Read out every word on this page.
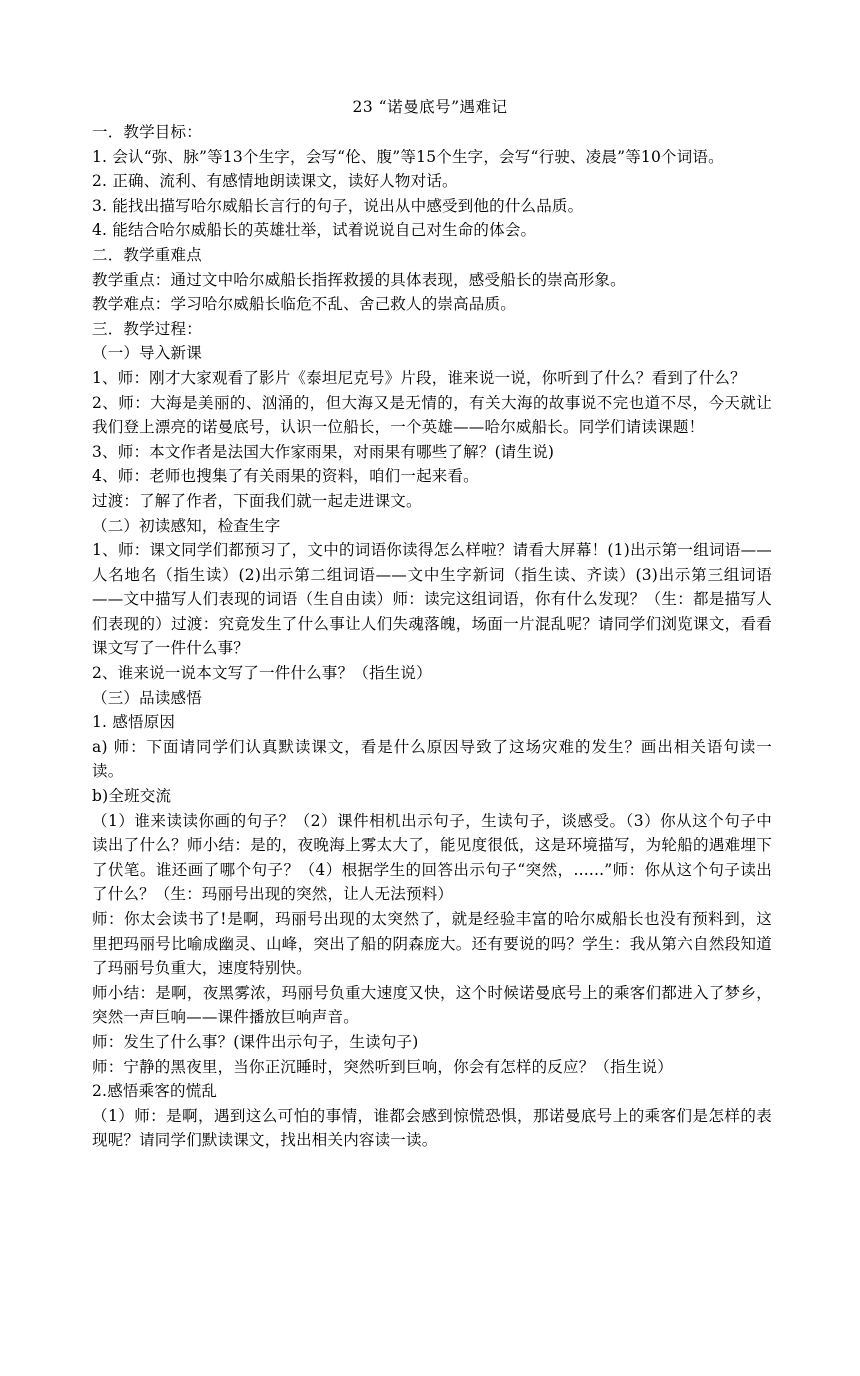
23 “诺曼底号”遇难记

一．教学目标：

1. 会认“弥、脉”等13个生字，会写“伦、腹”等15个生字，会写“行驶、凌晨”等10个词语。

2. 正确、流利、有感情地朗读课文，读好人物对话。

3. 能找出描写哈尔威船长言行的句子，说出从中感受到他的什么品质。

4. 能结合哈尔威船长的英雄壮举，试着说说自己对生命的体会。

二．教学重难点

教学重点：通过文中哈尔威船长指挥救援的具体表现，感受船长的崇高形象。

教学难点：学习哈尔威船长临危不乱、舍己救人的崇高品质。

三．教学过程：

（一）导入新课

1、师：刚才大家观看了影片《泰坦尼克号》片段，谁来说一说，你听到了什么？看到了什么？

2、师：大海是美丽的、汹涌的，但大海又是无情的，有关大海的故事说不完也道不尽，今天就让我们登上漂亮的诺曼底号，认识一位船长，一个英雄——哈尔威船长。同学们请读课题！

3、师：本文作者是法国大作家雨果，对雨果有哪些了解？(请生说)

4、师：老师也搜集了有关雨果的资料，咱们一起来看。

过渡：了解了作者，下面我们就一起走进课文。

（二）初读感知，检查生字

1、师：课文同学们都预习了，文中的词语你读得怎么样啦？请看大屏幕！(1)出示第一组词语——人名地名（指生读）(2)出示第二组词语——文中生字新词（指生读、齐读）(3)出示第三组词语——文中描写人们表现的词语（生自由读）师：读完这组词语，你有什么发现？（生：都是描写人们表现的）过渡：究竟发生了什么事让人们失魂落魄，场面一片混乱呢？请同学们浏览课文，看看课文写了一件什么事？

2、谁来说一说本文写了一件什么事？（指生说）

（三）品读感悟

1. 感悟原因

a) 师：下面请同学们认真默读课文，看是什么原因导致了这场灾难的发生？画出相关语句读一读。

b)全班交流

（1）谁来读读你画的句子？（2）课件相机出示句子，生读句子，谈感受。（3）你从这个句子中读出了什么？师小结：是的，夜晚海上雾太大了，能见度很低，这是环境描写，为轮船的遇难埋下了伏笔。谁还画了哪个句子？（4）根据学生的回答出示句子“突然，......”师：你从这个句子读出了什么？（生：玛丽号出现的突然，让人无法预料）

师：你太会读书了!是啊，玛丽号出现的太突然了，就是经验丰富的哈尔威船长也没有预料到，这里把玛丽号比喻成幽灵、山峰，突出了船的阴森庞大。还有要说的吗？学生：我从第六自然段知道了玛丽号负重大，速度特别快。

师小结：是啊，夜黑雾浓，玛丽号负重大速度又快，这个时候诺曼底号上的乘客们都进入了梦乡，突然一声巨响——课件播放巨响声音。

师：发生了什么事？(课件出示句子，生读句子)

师：宁静的黑夜里，当你正沉睡时，突然听到巨响，你会有怎样的反应？（指生说）

2.感悟乘客的慌乱

（1）师：是啊，遇到这么可怕的事情，谁都会感到惊慌恐惧，那诺曼底号上的乘客们是怎样的表现呢？请同学们默读课文，找出相关内容读一读。
